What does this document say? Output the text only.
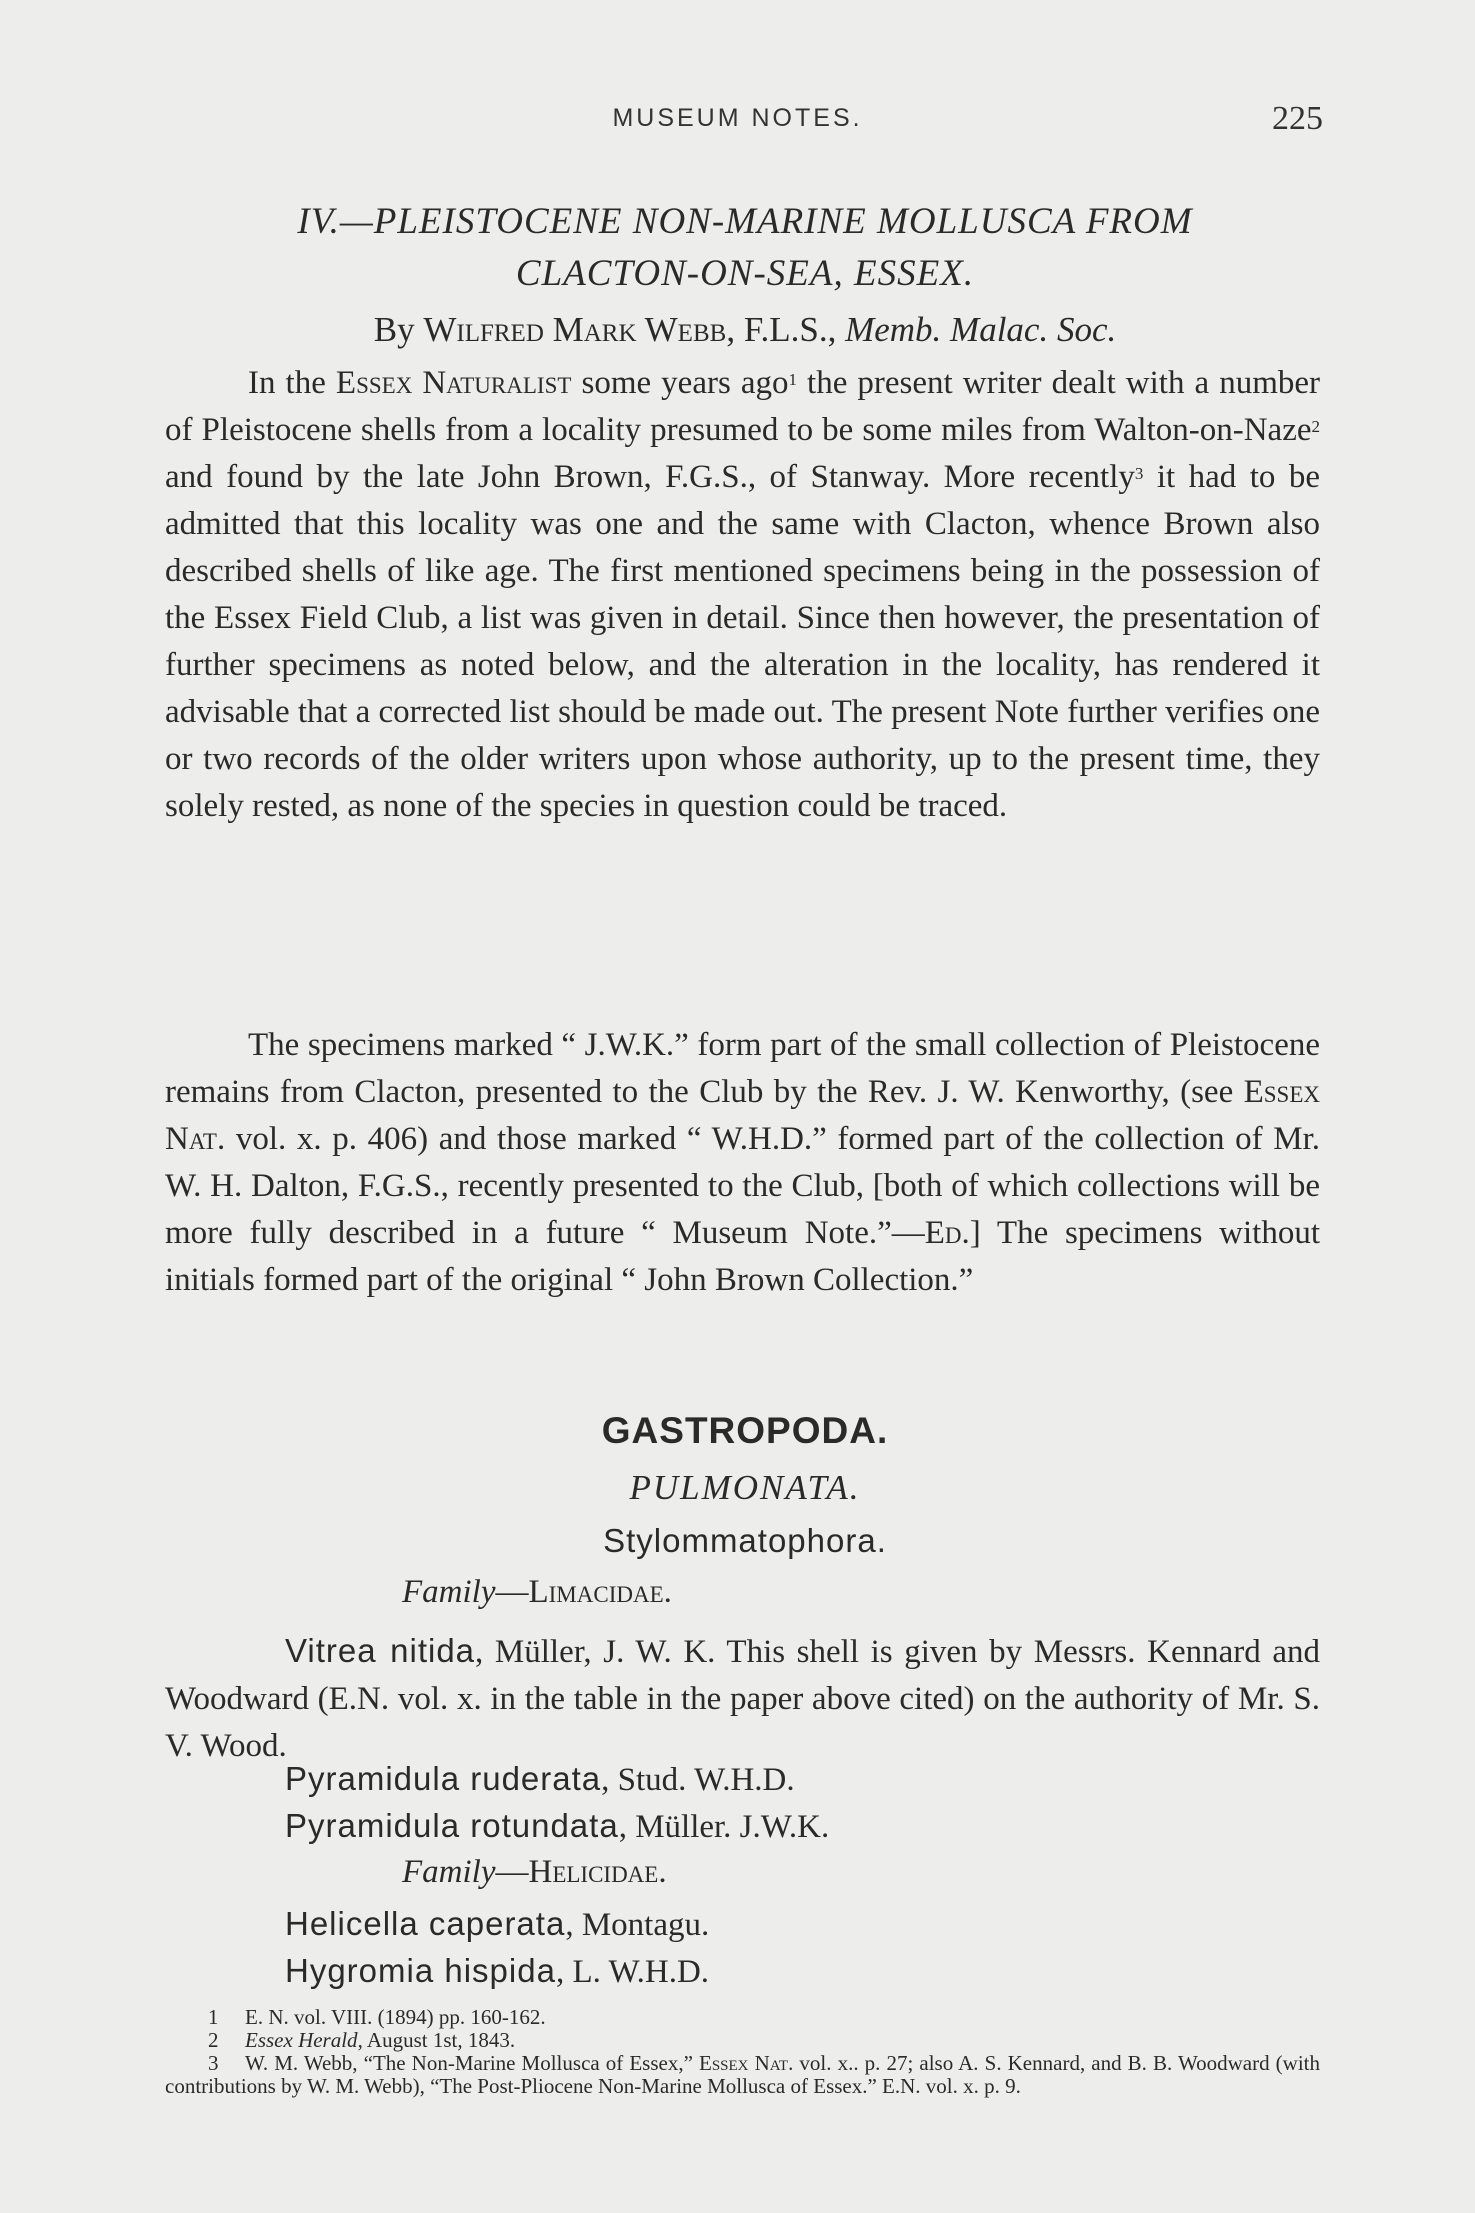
MUSEUM NOTES.	225
IV.—PLEISTOCENE NON-MARINE MOLLUSCA FROM
CLACTON-ON-SEA, ESSEX.
By Wilfred Mark Webb, F.L.S., Memb. Malac. Soc.

In the Essex Naturalist some years ago$^1$ the present writer dealt with a number of Pleistocene shells from a locality presumed to be some miles from Walton-on-Naze$^2$ and found by the late John Brown, F.G.S., of Stanway. More recently$^3$ it had to be admitted that this locality was one and the same with Clacton, whence Brown also described shells of like age. The first mentioned specimens being in the possession of the Essex Field Club, a list was given in detail. Since then however, the presentation of further specimens as noted below, and the alteration in the locality, has rendered it advisable that a corrected list should be made out. The present Note further verifies one or two records of the older writers upon whose authority, up to the present time, they solely rested, as none of the species in question could be traced.

The specimens marked “ J.W.K.” form part of the small collection of Pleistocene remains from Clacton, presented to the Club by the Rev. J. W. Kenworthy, (see Essex Nat. vol. x. p. 406) and those marked “ W.H.D.” formed part of the collection of Mr. W. H. Dalton, F.G.S., recently presented to the Club, [both of which collections will be more fully described in a future “ Museum Note.”—Ed.] The specimens without initials formed part of the original “ John Brown Collection.”

GASTROPODA.
PULMONATA.
Stylommatophora.
Family—Limacidae.

Vitrea nitida, Müller, J. W. K. This shell is given by Messrs. Kennard and Woodward (E.N. vol. x. in the table in the paper above cited) on the authority of Mr. S. V. Wood.

Pyramidula ruderata, Stud. W.H.D.
Pyramidula rotundata, Müller. J.W.K.
Family—Helicidae.
Helicella caperata, Montagu.
Hygromia hispida, L. W.H.D.

1 E. N. vol. VIII. (1894) pp. 160-162.

2 Essex Herald, August 1st, 1843.

3 W. M. Webb, “The Non-Marine Mollusca of Essex,” Essex Nat. vol. x.. p. 27; also A. S. Kennard, and B. B. Woodward (with contributions by W. M. Webb), “The Post-Pliocene Non-Marine Mollusca of Essex.” E.N. vol. x. p. 9.
